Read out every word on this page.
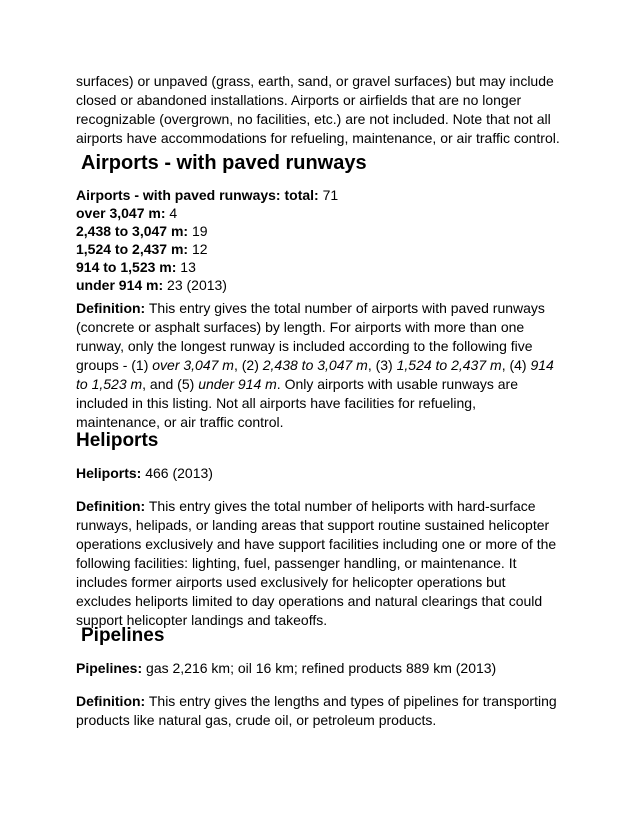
surfaces) or unpaved (grass, earth, sand, or gravel surfaces) but may include

closed or abandoned installations. Airports or airfields that are no longer

recognizable (overgrown, no facilities, etc.) are not included. Note that not all

airports have accommodations for refueling, maintenance, or air traffic control.

Airports - with paved runways

Airports - with paved runways: total: 71

over 3,047 m: 4

2,438 to 3,047 m: 19

1,524 to 2,437 m: 12

914 to 1,523 m: 13

under 914 m: 23 (2013)

Definition: This entry gives the total number of airports with paved runways

(concrete or asphalt surfaces) by length. For airports with more than one

runway, only the longest runway is included according to the following five

groups - (1) over 3,047 m, (2) 2,438 to 3,047 m, (3) 1,524 to 2,437 m, (4) 914

to 1,523 m, and (5) under 914 m. Only airports with usable runways are

included in this listing. Not all airports have facilities for refueling,

maintenance, or air traffic control.

Heliports

Heliports: 466 (2013)

Definition: This entry gives the total number of heliports with hard-surface

runways, helipads, or landing areas that support routine sustained helicopter

operations exclusively and have support facilities including one or more of the

following facilities: lighting, fuel, passenger handling, or maintenance. It

includes former airports used exclusively for helicopter operations but

excludes heliports limited to day operations and natural clearings that could

support helicopter landings and takeoffs.

Pipelines

Pipelines: gas 2,216 km; oil 16 km; refined products 889 km (2013)

Definition: This entry gives the lengths and types of pipelines for transporting

products like natural gas, crude oil, or petroleum products.
